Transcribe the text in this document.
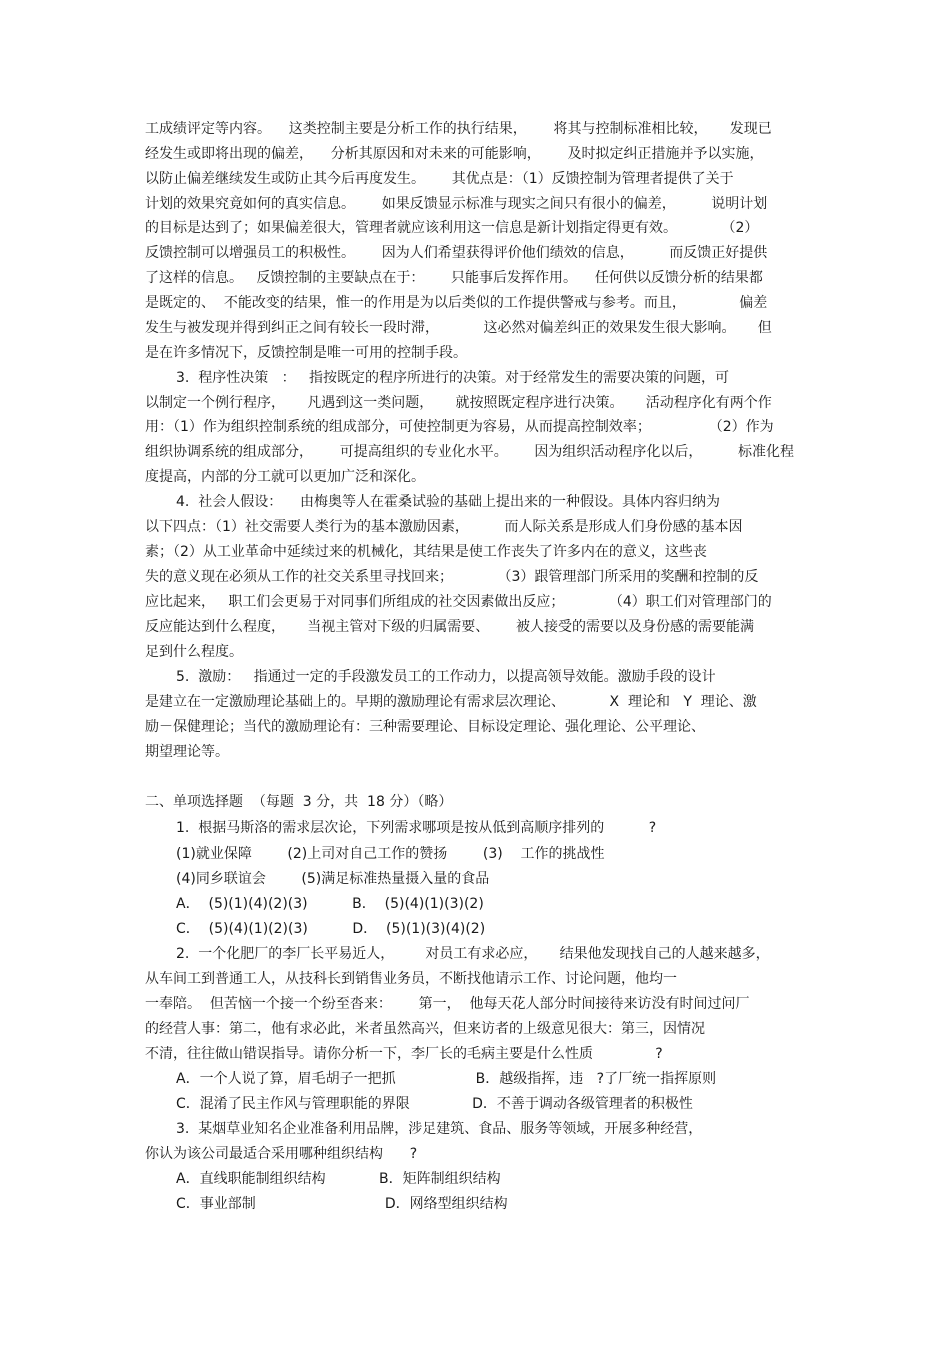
工成绩评定等内容。    这类控制主要是分析工作的执行结果，      将其与控制标准相比较，     发现已
经发生或即将出现的偏差，    分析其原因和对未来的可能影响，      及时拟定纠正措施并予以实施，
以防止偏差继续发生或防止其今后再度发生。      其优点是：（1）反馈控制为管理者提供了关于
计划的效果究竟如何的真实信息。      如果反馈显示标准与现实之间只有很小的偏差，        说明计划
的目标是达到了；如果偏差很大，管理者就应该利用这一信息是新计划指定得更有效。          （2）
反馈控制可以增强员工的积极性。      因为人们希望获得评价他们绩效的信息，        而反馈正好提供
了这样的信息。   反馈控制的主要缺点在于：      只能事后发挥作用。    任何供以反馈分析的结果都
是既定的、  不能改变的结果，惟一的作用是为以后类似的工作提供警戒与参考。而且，            偏差
发生与被发现并得到纠正之间有较长一段时滞，          这必然对偏差纠正的效果发生很大影响。     但
是在许多情况下，反馈控制是唯一可用的控制手段。
3.  程序性决策   ：   指按既定的程序所进行的决策。对于经常发生的需要决策的问题，可
以制定一个例行程序，     凡遇到这一类问题，     就按照既定程序进行决策。     活动程序化有两个作
用：（1）作为组织控制系统的组成部分，可使控制更为容易，从而提高控制效率；             （2）作为
组织协调系统的组成部分，      可提高组织的专业化水平。      因为组织活动程序化以后，        标准化程
度提高，内部的分工就可以更加广泛和深化。
4.  社会人假设：    由梅奥等人在霍桑试验的基础上提出来的一种假设。具体内容归纳为
以下四点：（1）社交需要人类行为的基本激励因素，        而人际关系是形成人们身份感的基本因
素；（2）从工业革命中延续过来的机械化，其结果是使工作丧失了许多内在的意义，这些丧
失的意义现在必须从工作的社交关系里寻找回来；          （3）跟管理部门所采用的奖酬和控制的反
应比起来，   职工们会更易于对同事们所组成的社交因素做出反应；          （4）职工们对管理部门的
反应能达到什么程度，     当视主管对下级的归属需要、      被人接受的需要以及身份感的需要能满
足到什么程度。
5.  激励：   指通过一定的手段激发员工的工作动力，以提高领导效能。激励手段的设计
是建立在一定激励理论基础上的。早期的激励理论有需求层次理论、          X  理论和   Y  理论、激
励－保健理论；当代的激励理论有：三种需要理论、目标设定理论、强化理论、公平理论、
期望理论等。
二、单项选择题  （每题  3 分，共  18 分）（略）
1.  根据马斯洛的需求层次论，下列需求哪项是按从低到高顺序排列的          ?
(1)就业保障        (2)上司对自己工作的赞扬        (3)    工作的挑战性
(4)同乡联谊会        (5)满足标准热量摄入量的食品
A．  (5)(1)(4)(2)(3)          B．  (5)(4)(1)(3)(2)
C．  (5)(4)(1)(2)(3)          D．  (5)(1)(3)(4)(2)
2.  一个化肥厂的李厂长平易近人，       对员工有求必应，     结果他发现找自己的人越来越多，
从车间工到普通工人，从技科长到销售业务员，不断找他请示工作、讨论问题，他均一
一奉陪。  但苦恼一个接一个纷至沓来：      第一，  他每天花人部分时间接待来访没有时间过问厂
的经营人事：第二，他有求必此，米者虽然高兴，但来访者的上级意见很大：第三，因情况
不清，往往做山错误指导。请你分析一下，李厂长的毛病主要是什么性质              ?
A．一个人说了算，眉毛胡子一把抓                  B．越级指挥，违   ?了厂统一指挥原则
C．混淆了民主作风与管理职能的界限              D．不善于调动各级管理者的积极性
3.  某烟草业知名企业准备利用品牌，涉足建筑、食品、服务等领域，开展多种经营，
你认为该公司最适合采用哪种组织结构      ?
A．直线职能制组织结构            B．矩阵制组织结构
C．事业部制                             D．网络型组织结构
